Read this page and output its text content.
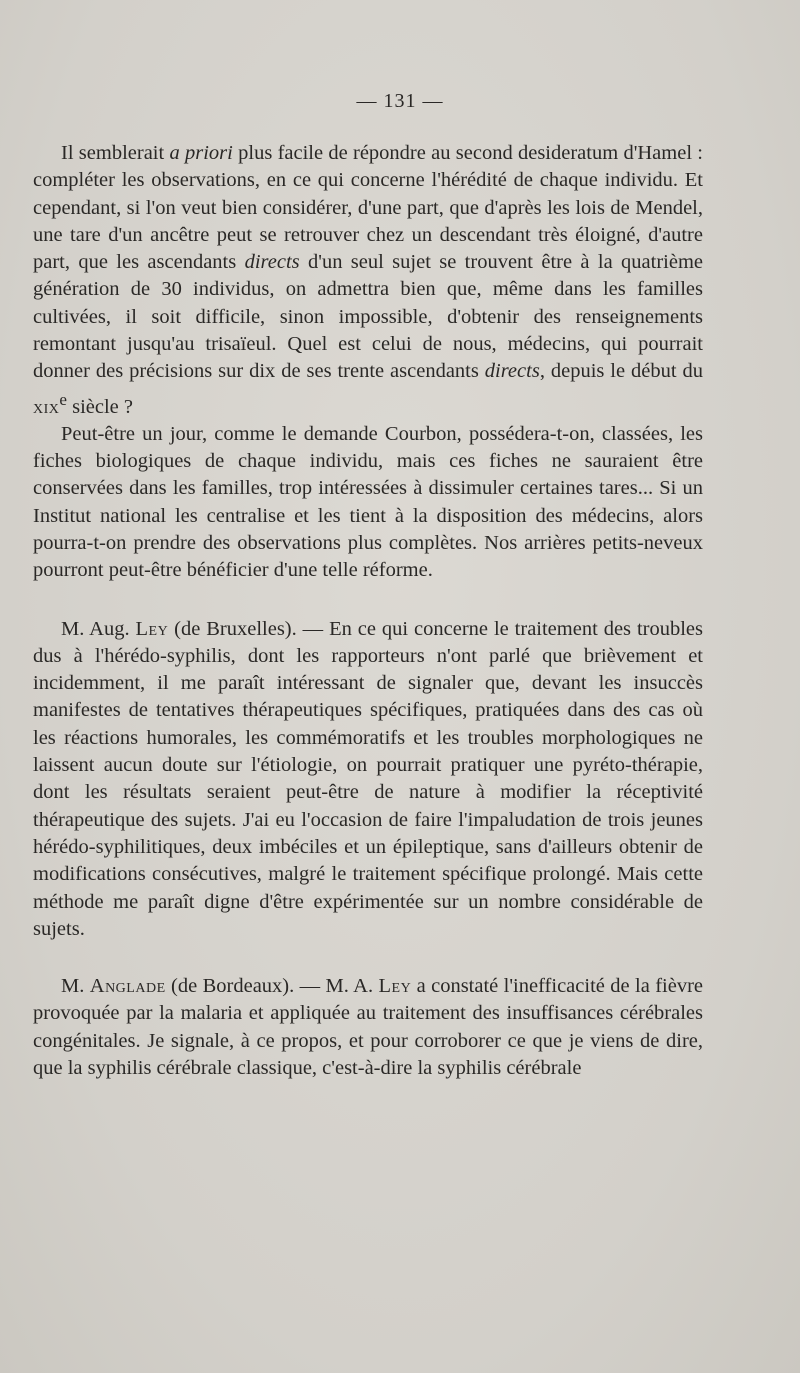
— 131 —

Il semblerait a priori plus facile de répondre au second desideratum d'Hamel : compléter les observations, en ce qui concerne l'hérédité de chaque individu. Et cependant, si l'on veut bien considérer, d'une part, que d'après les lois de Mendel, une tare d'un ancêtre peut se retrouver chez un descendant très éloigné, d'autre part, que les ascendants directs d'un seul sujet se trouvent être à la quatrième génération de 30 individus, on admettra bien que, même dans les familles cultivées, il soit difficile, sinon impossible, d'obtenir des renseignements remontant jusqu'au trisaïeul. Quel est celui de nous, médecins, qui pourrait donner des précisions sur dix de ses trente ascendants directs, depuis le début du xix$^e$ siècle ?

Peut-être un jour, comme le demande Courbon, possédera-t-on, classées, les fiches biologiques de chaque individu, mais ces fiches ne sauraient être conservées dans les familles, trop intéressées à dissimuler certaines tares... Si un Institut national les centralise et les tient à la disposition des médecins, alors pourra-t-on prendre des observations plus complètes. Nos arrières petits-neveux pourront peut-être bénéficier d'une telle réforme.

M. Aug. Ley (de Bruxelles). — En ce qui concerne le traitement des troubles dus à l'hérédo-syphilis, dont les rapporteurs n'ont parlé que brièvement et incidemment, il me paraît intéressant de signaler que, devant les insuccès manifestes de tentatives thérapeutiques spécifiques, pratiquées dans des cas où les réactions humorales, les commémoratifs et les troubles morphologiques ne laissent aucun doute sur l'étiologie, on pourrait pratiquer une pyréto-thérapie, dont les résultats seraient peut-être de nature à modifier la réceptivité thérapeutique des sujets. J'ai eu l'occasion de faire l'impaludation de trois jeunes hérédo-syphilitiques, deux imbéciles et un épileptique, sans d'ailleurs obtenir de modifications consécutives, malgré le traitement spécifique prolongé. Mais cette méthode me paraît digne d'être expérimentée sur un nombre considérable de sujets.

M. Anglade (de Bordeaux). — M. A. Ley a constaté l'inefficacité de la fièvre provoquée par la malaria et appliquée au traitement des insuffisances cérébrales congénitales. Je signale, à ce propos, et pour corroborer ce que je viens de dire, que la syphilis cérébrale classique, c'est-à-dire la syphilis cérébrale
